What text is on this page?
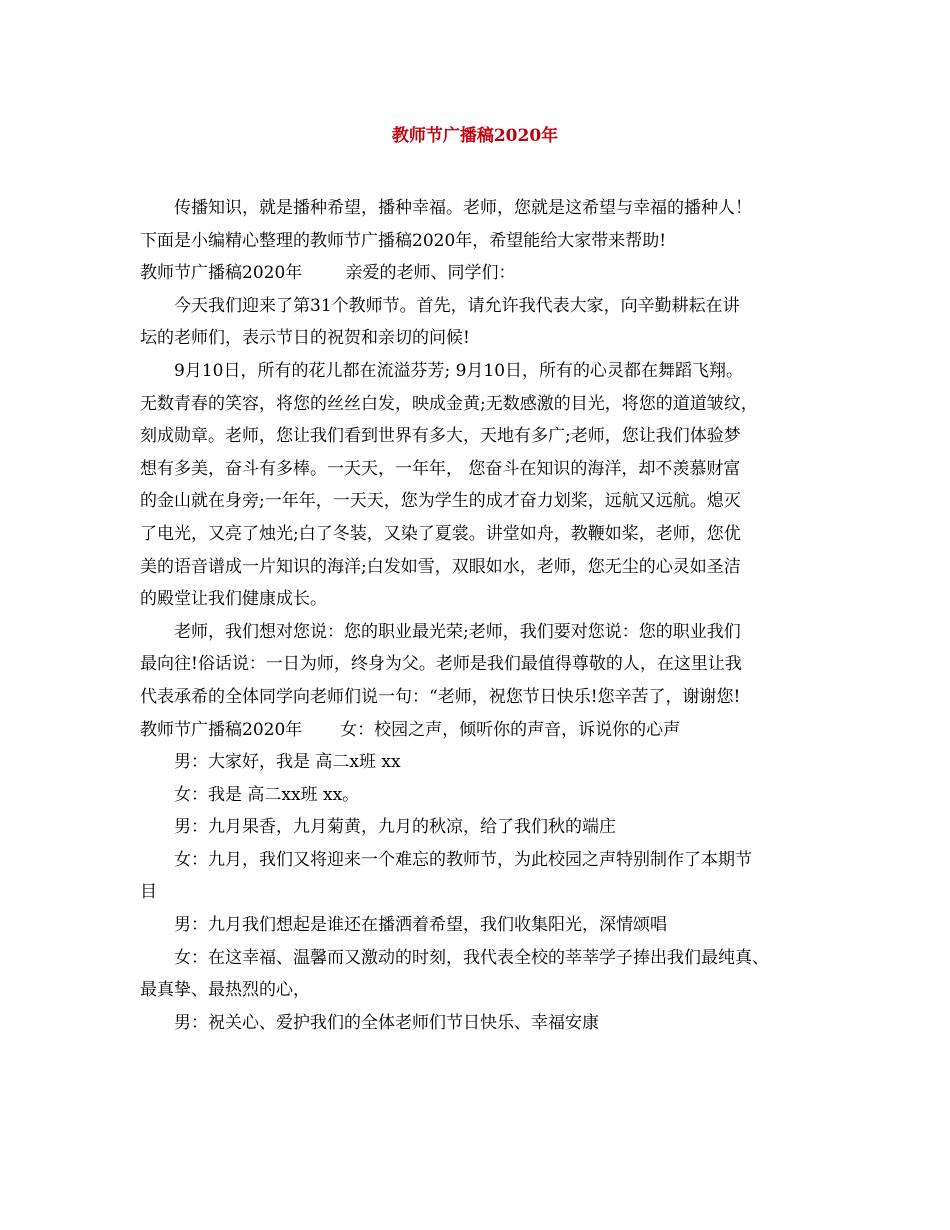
教师节广播稿2020年
传播知识，就是播种希望，播种幸福。老师，您就是这希望与幸福的播种人！
下面是小编精心整理的教师节广播稿2020年，希望能给大家带来帮助!
教师节广播稿2020年        亲爱的老师、同学们：
今天我们迎来了第31个教师节。首先，请允许我代表大家，向辛勤耕耘在讲
坛的老师们，表示节日的祝贺和亲切的问候!
9月10日，所有的花儿都在流溢芬芳; 9月10日，所有的心灵都在舞蹈飞翔。
无数青春的笑容，将您的丝丝白发，映成金黄;无数感激的目光，将您的道道皱纹，
刻成勋章。老师，您让我们看到世界有多大，天地有多广;老师，您让我们体验梦
想有多美，奋斗有多棒。一天天，一年年， 您奋斗在知识的海洋，却不羡慕财富
的金山就在身旁;一年年，一天天，您为学生的成才奋力划桨，远航又远航。熄灭
了电光，又亮了烛光;白了冬装，又染了夏裳。讲堂如舟，教鞭如桨，老师，您优
美的语音谱成一片知识的海洋;白发如雪，双眼如水，老师，您无尘的心灵如圣洁
的殿堂让我们健康成长。
老师，我们想对您说：您的职业最光荣;老师，我们要对您说：您的职业我们
最向往!俗话说：一日为师，终身为父。老师是我们最值得尊敬的人，在这里让我
代表承希的全体同学向老师们说一句：“老师，祝您节日快乐!您辛苦了，谢谢您!
教师节广播稿2020年       女：校园之声，倾听你的声音，诉说你的心声
男：大家好，我是 高二x班 xx
女：我是 高二xx班 xx。
男：九月果香，九月菊黄，九月的秋凉，给了我们秋的端庄
女：九月，我们又将迎来一个难忘的教师节，为此校园之声特别制作了本期节
目
男：九月我们想起是谁还在播洒着希望，我们收集阳光，深情颂唱
女：在这幸福、温馨而又激动的时刻，我代表全校的莘莘学子捧出我们最纯真、
最真挚、最热烈的心，
男：祝关心、爱护我们的全体老师们节日快乐、幸福安康
